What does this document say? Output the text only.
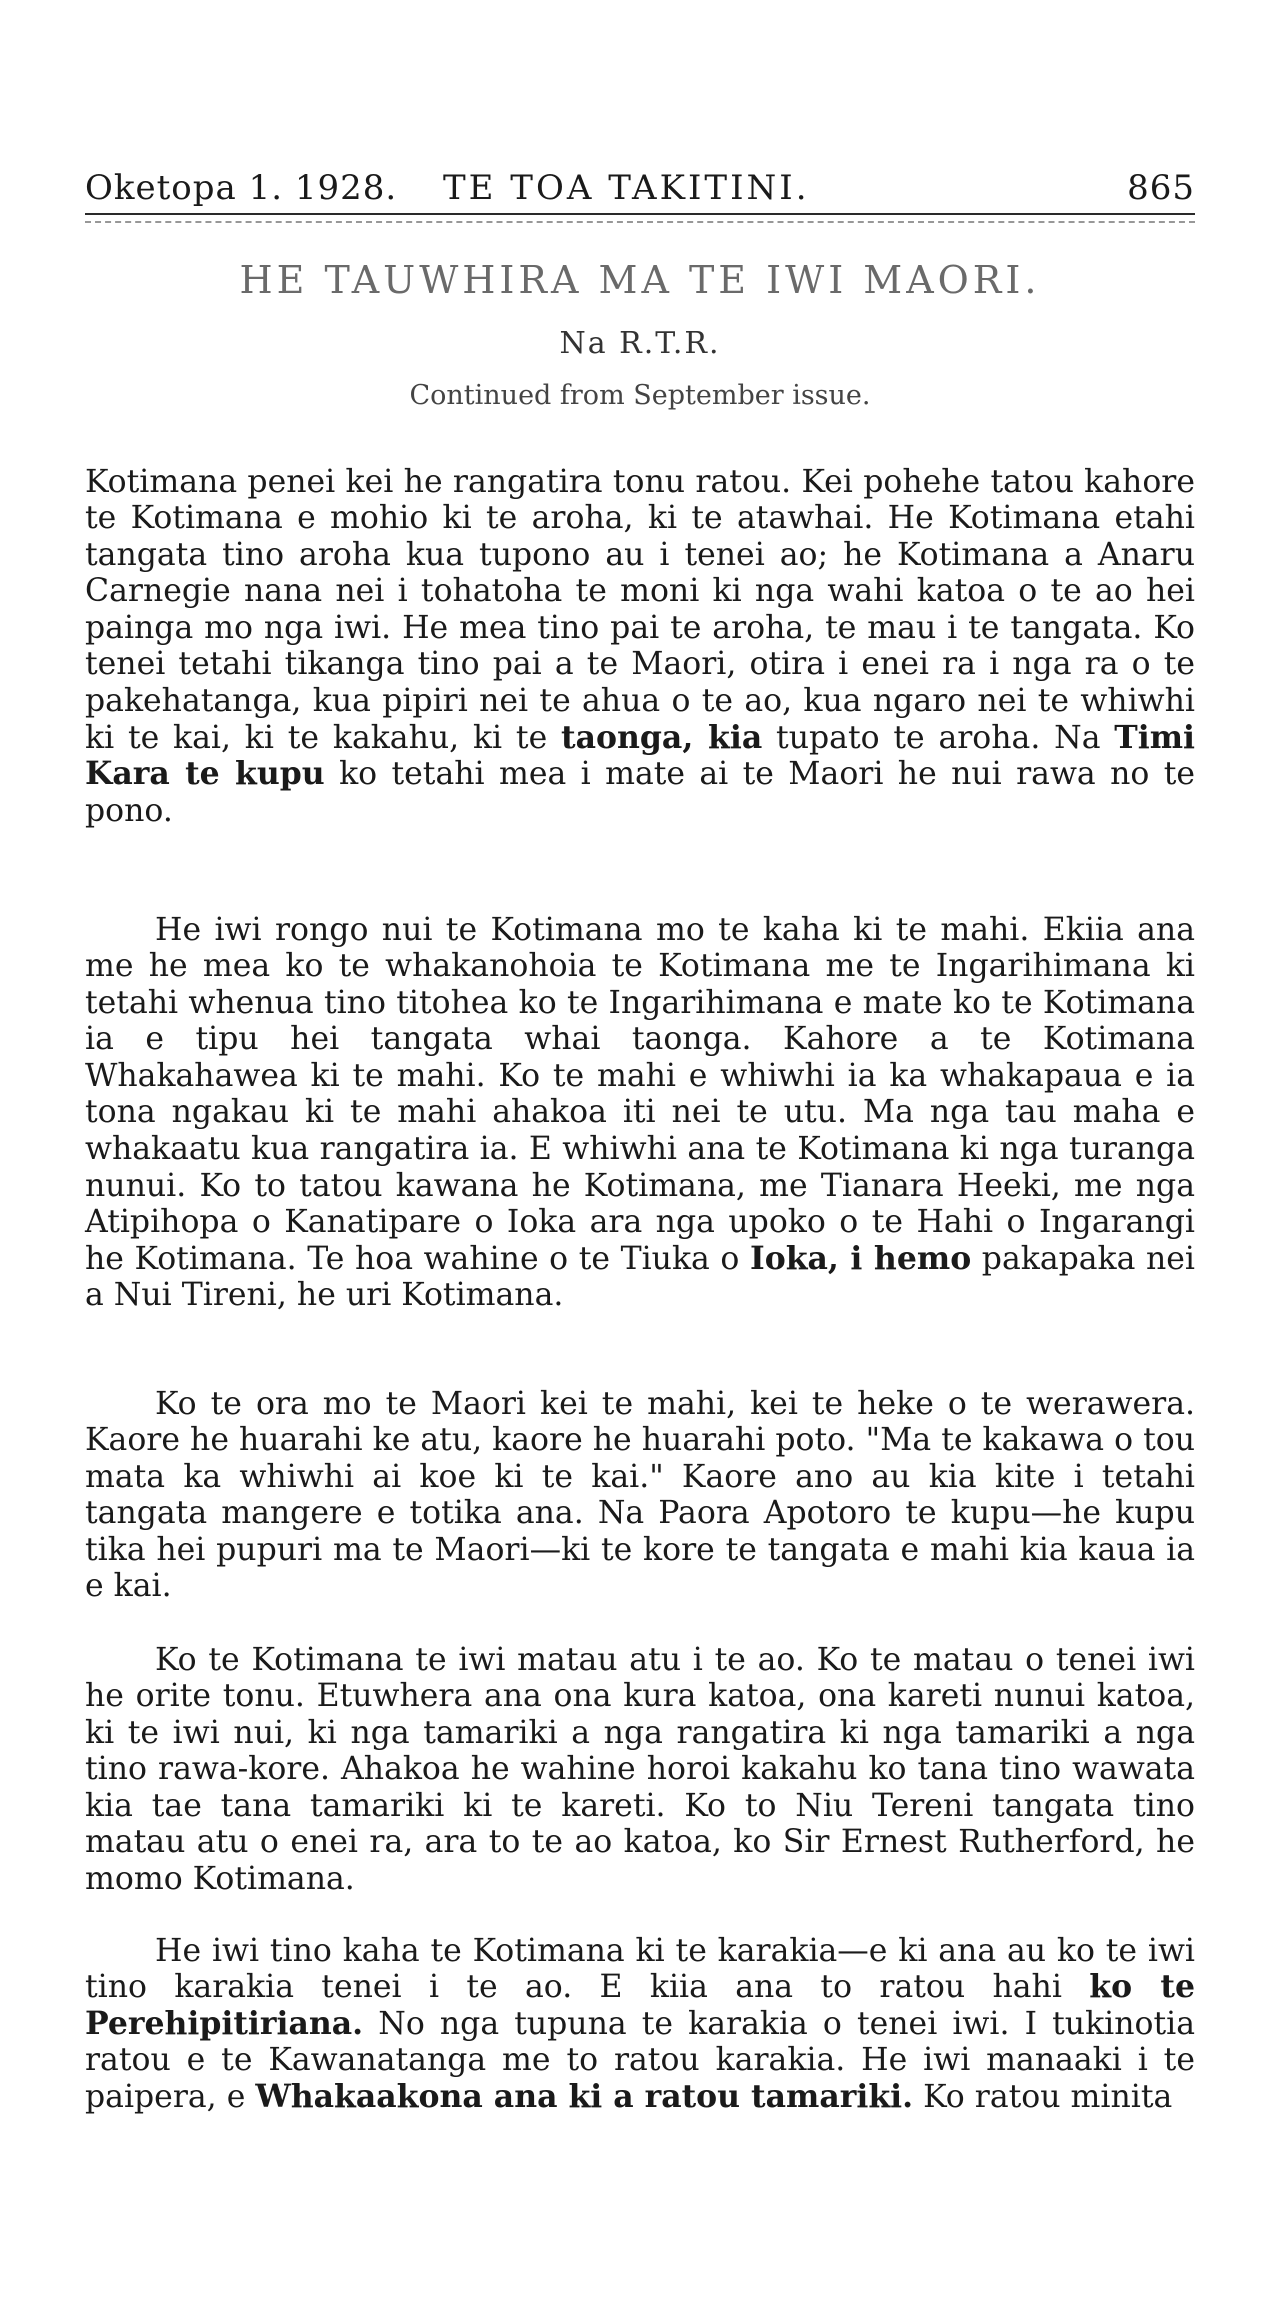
Oketopa 1. 1928. TE TOA TAKITINI.	865
HE TAUWHIRA MA TE IWI MAORI.
Na R.T.R.
Continued from September issue.

Kotimana penei kei he rangatira tonu ratou. Kei pohehe tatou kahore te Kotimana e mohio ki te aroha, ki te atawhai. He Kotimana etahi tangata tino aroha kua tupono au i tenei ao; he Kotimana a Anaru Carnegie nana nei i tohatoha te moni ki nga wahi katoa o te ao hei painga mo nga iwi. He mea tino pai te aroha, te mau i te tangata. Ko tenei tetahi tikanga tino pai a te Maori, otira i enei ra i nga ra o te pakehatanga, kua pipiri nei te ahua o te ao, kua ngaro nei te whiwhi ki te kai, ki te kakahu, ki te taonga, kia tupato te aroha. Na Timi Kara te kupu ko tetahi mea i mate ai te Maori he nui rawa no te pono.

He iwi rongo nui te Kotimana mo te kaha ki te mahi. Ekiia ana me he mea ko te whakanohoia te Kotimana me te Ingarihimana ki tetahi whenua tino titohea ko te Ingarihimana e mate ko te Kotimana ia e tipu hei tangata whai taonga. Kahore a te Kotimana Whakahawea ki te mahi. Ko te mahi e whiwhi ia ka whakapaua e ia tona ngakau ki te mahi ahakoa iti nei te utu. Ma nga tau maha e whakaatu kua rangatira ia. E whiwhi ana te Kotimana ki nga turanga nunui. Ko to tatou kawana he Kotimana, me Tianara Heeki, me nga Atipihopa o Kanatipare o Ioka ara nga upoko o te Hahi o Ingarangi he Kotimana. Te hoa wahine o te Tiuka o Ioka, i hemo pakapaka nei a Nui Tireni, he uri Kotimana.

Ko te ora mo te Maori kei te mahi, kei te heke o te werawera. Kaore he huarahi ke atu, kaore he huarahi poto. "Ma te kakawa o tou mata ka whiwhi ai koe ki te kai." Kaore ano au kia kite i tetahi tangata mangere e totika ana. Na Paora Apotoro te kupu—he kupu tika hei pupuri ma te Maori—ki te kore te tangata e mahi kia kaua ia e kai.

Ko te Kotimana te iwi matau atu i te ao. Ko te matau o tenei iwi he orite tonu. Etuwhera ana ona kura katoa, ona kareti nunui katoa, ki te iwi nui, ki nga tamariki a nga rangatira ki nga tamariki a nga tino rawa-kore. Ahakoa he wahine horoi kakahu ko tana tino wawata kia tae tana tamariki ki te kareti. Ko to Niu Tereni tangata tino matau atu o enei ra, ara to te ao katoa, ko Sir Ernest Rutherford, he momo Kotimana.

He iwi tino kaha te Kotimana ki te karakia—e ki ana au ko te iwi tino karakia tenei i te ao. E kiia ana to ratou hahi ko te Perehipitiriana. No nga tupuna te karakia o tenei iwi. I tukinotia ratou e te Kawanatanga me to ratou karakia. He iwi manaaki i te paipera, e Whakaakona ana ki a ratou tamariki. Ko ratou minita
